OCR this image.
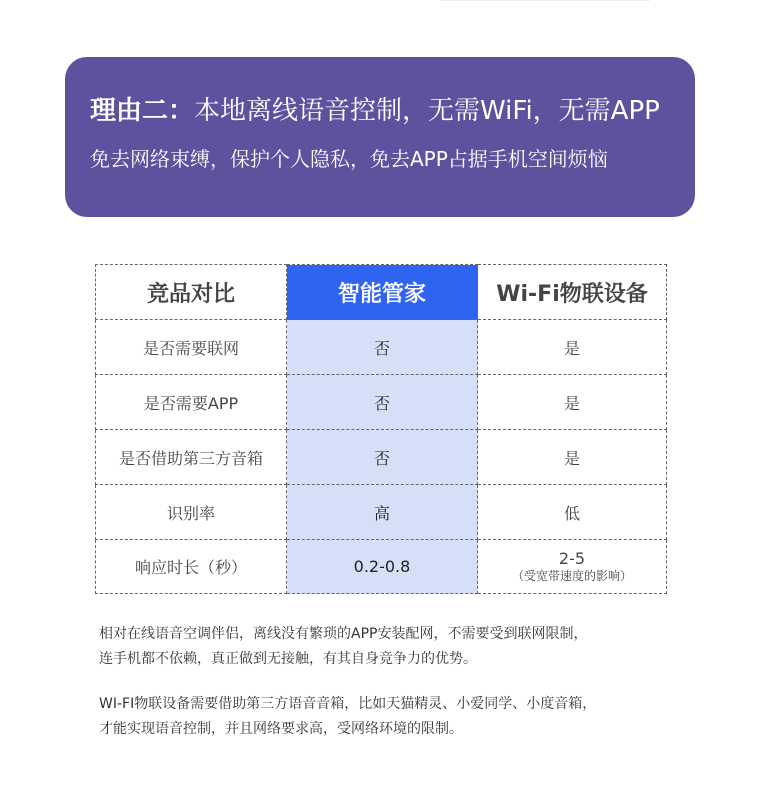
理由二：本地离线语音控制，无需WiFi，无需APP
免去网络束缚，保护个人隐私，免去APP占据手机空间烦恼
竞品对比	智能管家	Wi-Fi物联设备
是否需要联网	否	是
是否需要APP	否	是
是否借助第三方音箱	否	是
识别率	高	低
响应时长（秒）	0.2-0.8	2-5
（受宽带速度的影响）
相对在线语音空调伴侣，离线没有繁琐的APP安装配网，不需要受到联网限制，
连手机都不依赖，真正做到无接触，有其自身竞争力的优势。
WI-FI物联设备需要借助第三方语音音箱，比如天猫精灵、小爱同学、小度音箱，
才能实现语音控制，并且网络要求高，受网络环境的限制。
